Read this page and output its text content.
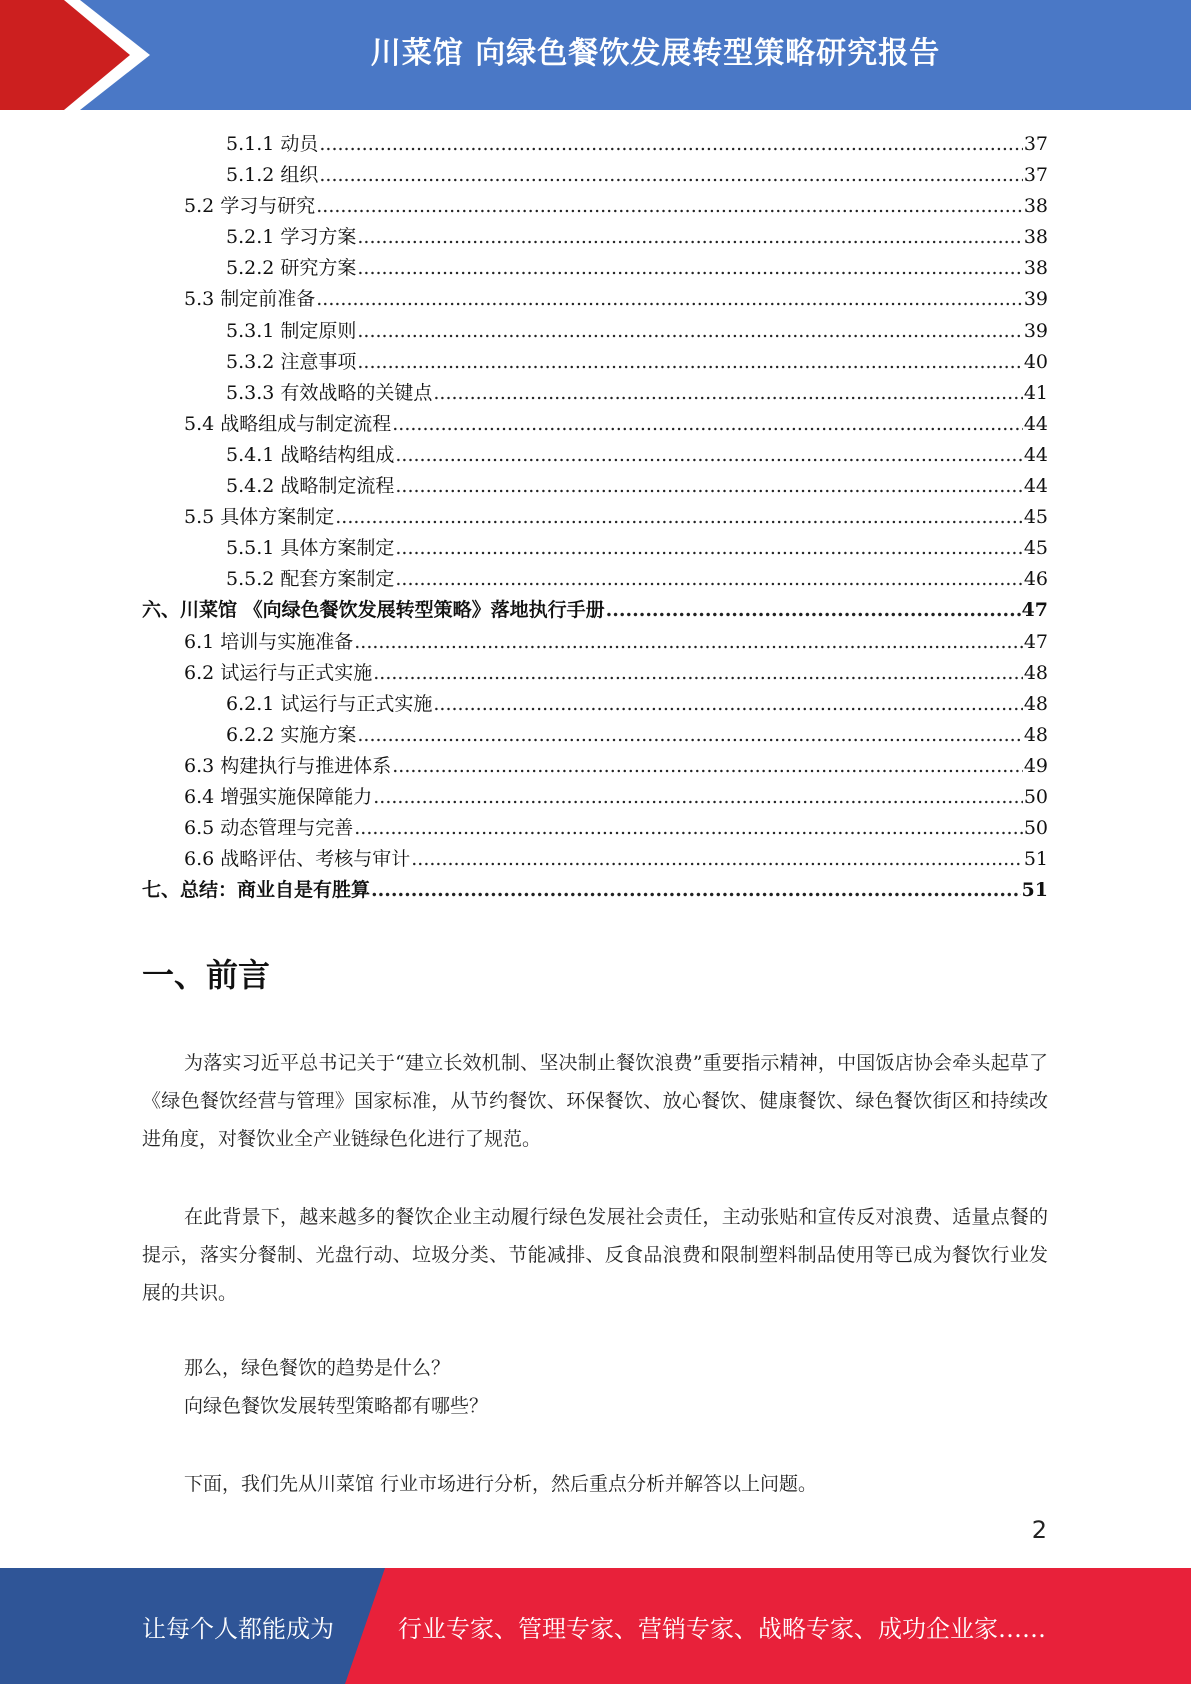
川菜馆 向绿色餐饮发展转型策略研究报告
5.1.1 动员 .....	37
5.1.2 组织 .....	37
5.2 学习与研究 .....	38
5.2.1 学习方案 .....	38
5.2.2 研究方案 .....	38
5.3 制定前准备 .....	39
5.3.1 制定原则 .....	39
5.3.2 注意事项 .....	40
5.3.3 有效战略的关键点 .....	41
5.4 战略组成与制定流程 .....	44
5.4.1 战略结构组成 .....	44
5.4.2 战略制定流程 .....	44
5.5 具体方案制定 .....	45
5.5.1 具体方案制定 .....	45
5.5.2 配套方案制定 .....	46
六、川菜馆 《向绿色餐饮发展转型策略》落地执行手册 .....	47
6.1 培训与实施准备 .....	47
6.2 试运行与正式实施 .....	48
6.2.1 试运行与正式实施 .....	48
6.2.2 实施方案 .....	48
6.3 构建执行与推进体系 .....	49
6.4 增强实施保障能力 .....	50
6.5 动态管理与完善 .....	50
6.6 战略评估、考核与审计 .....	51
七、总结：商业自是有胜算 .....	51
一、前言
为落实习近平总书记关于“建立长效机制、坚决制止餐饮浪费”重要指示精神，中国饭店协会牵头起草了《绿色餐饮经营与管理》国家标准，从节约餐饮、环保餐饮、放心餐饮、健康餐饮、绿色餐饮街区和持续改进角度，对餐饮业全产业链绿色化进行了规范。
在此背景下，越来越多的餐饮企业主动履行绿色发展社会责任，主动张贴和宣传反对浪费、适量点餐的提示，落实分餐制、光盘行动、垃圾分类、节能减排、反食品浪费和限制塑料制品使用等已成为餐饮行业发展的共识。
那么，绿色餐饮的趋势是什么？
向绿色餐饮发展转型策略都有哪些？
下面，我们先从川菜馆 行业市场进行分析，然后重点分析并解答以上问题。
2
让每个人都能成为	行业专家、管理专家、营销专家、战略专家、成功企业家……
